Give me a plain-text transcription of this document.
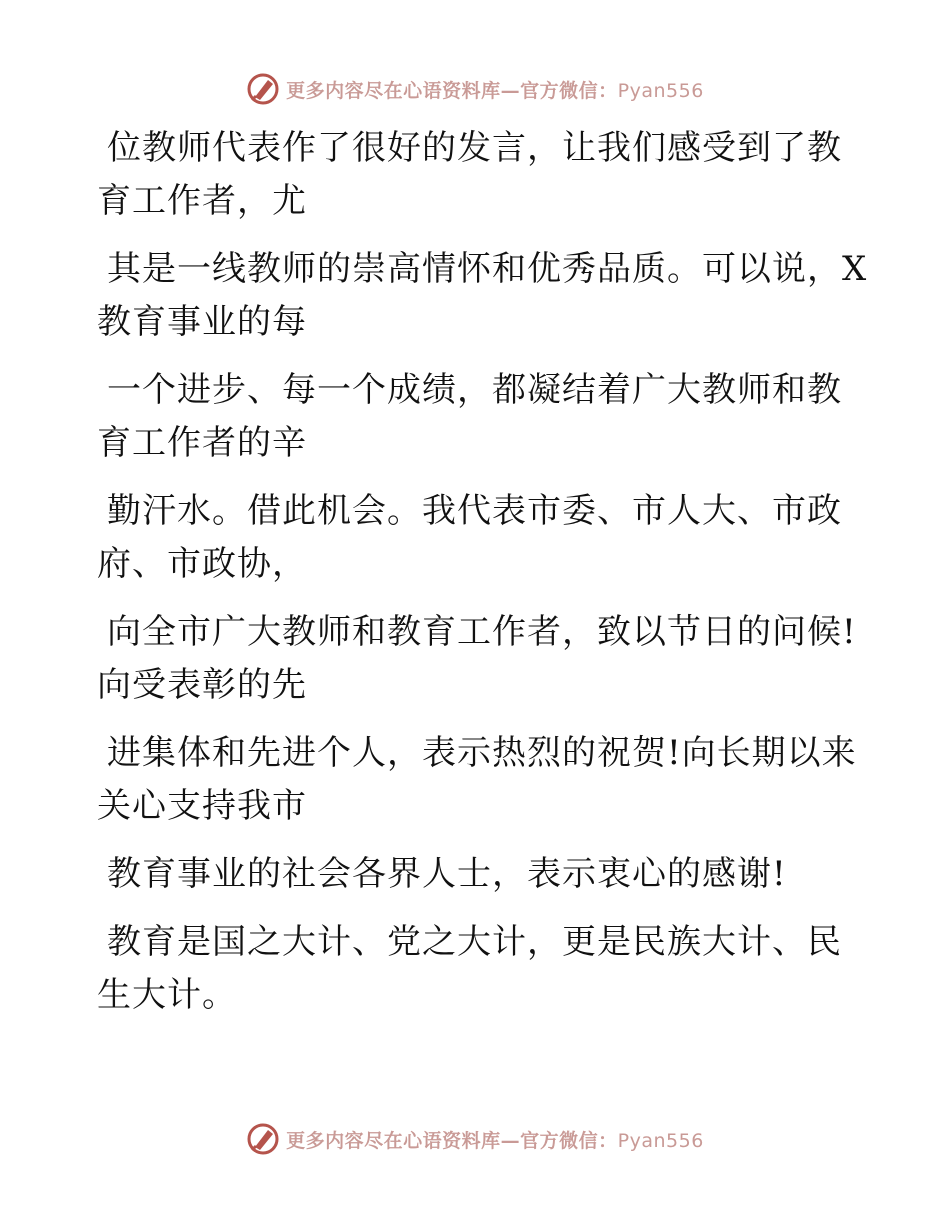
更多内容尽在心语资料库—官方微信：Pyan556

位教师代表作了很好的发言，让我们感受到了教
育工作者，尤

其是一线教师的崇高情怀和优秀品质。可以说，X
教育事业的每

一个进步、每一个成绩，都凝结着广大教师和教
育工作者的辛

勤汗水。借此机会。我代表市委、市人大、市政
府、市政协，

向全市广大教师和教育工作者，致以节日的问候!
向受表彰的先

进集体和先进个人，表示热烈的祝贺!向长期以来
关心支持我市

教育事业的社会各界人士，表示衷心的感谢!

教育是国之大计、党之大计，更是民族大计、民
生大计。

更多内容尽在心语资料库—官方微信：Pyan556
